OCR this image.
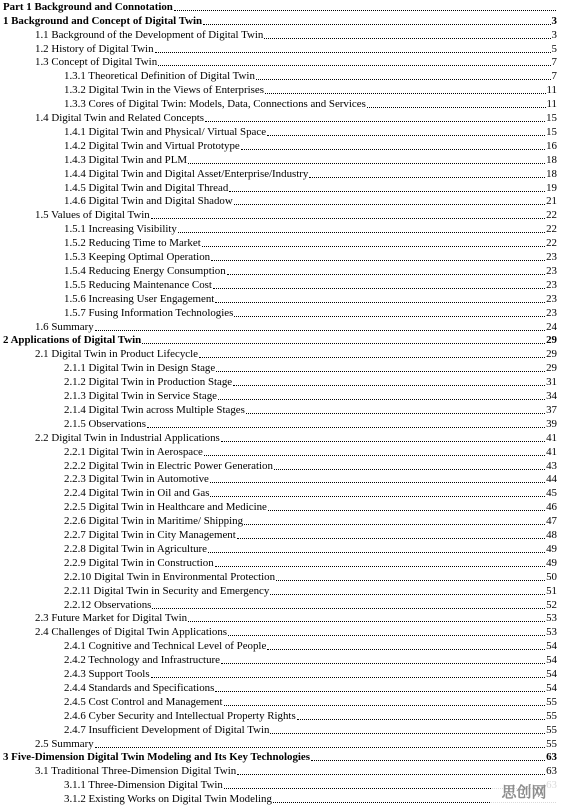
Part 1 Background and Connotation
1 Background and Concept of Digital Twin	3
1.1 Background of the Development of Digital Twin	3
1.2 History of Digital Twin	5
1.3 Concept of Digital Twin	7
1.3.1 Theoretical Definition of Digital Twin	7
1.3.2 Digital Twin in the Views of Enterprises	11
1.3.3 Cores of Digital Twin: Models, Data, Connections and Services	11
1.4 Digital Twin and Related Concepts	15
1.4.1 Digital Twin and Physical/ Virtual Space	15
1.4.2 Digital Twin and Virtual Prototype	16
1.4.3 Digital Twin and PLM	18
1.4.4 Digital Twin and Digital Asset/Enterprise/Industry	18
1.4.5 Digital Twin and Digital Thread	19
1.4.6 Digital Twin and Digital Shadow	21
1.5 Values of Digital Twin	22
1.5.1 Increasing Visibility	22
1.5.2 Reducing Time to Market	22
1.5.3 Keeping Optimal Operation	23
1.5.4 Reducing Energy Consumption	23
1.5.5 Reducing Maintenance Cost	23
1.5.6 Increasing User Engagement	23
1.5.7 Fusing Information Technologies	23
1.6 Summary	24
2 Applications of Digital Twin	29
2.1 Digital Twin in Product Lifecycle	29
2.1.1 Digital Twin in Design Stage	29
2.1.2 Digital Twin in Production Stage	31
2.1.3 Digital Twin in Service Stage	34
2.1.4 Digital Twin across Multiple Stages	37
2.1.5 Observations	39
2.2 Digital Twin in Industrial Applications	41
2.2.1 Digital Twin in Aerospace	41
2.2.2 Digital Twin in Electric Power Generation	43
2.2.3 Digital Twin in Automotive	44
2.2.4 Digital Twin in Oil and Gas	45
2.2.5 Digital Twin in Healthcare and Medicine	46
2.2.6 Digital Twin in Maritime/ Shipping	47
2.2.7 Digital Twin in City Management	48
2.2.8 Digital Twin in Agriculture	49
2.2.9 Digital Twin in Construction	49
2.2.10 Digital Twin in Environmental Protection	50
2.2.11 Digital Twin in Security and Emergency	51
2.2.12 Observations	52
2.3 Future Market for Digital Twin	53
2.4 Challenges of Digital Twin Applications	53
2.4.1 Cognitive and Technical Level of People	54
2.4.2 Technology and Infrastructure	54
2.4.3 Support Tools	54
2.4.4 Standards and Specifications	54
2.4.5 Cost Control and Management	55
2.4.6 Cyber Security and Intellectual Property Rights	55
2.4.7 Insufficient Development of Digital Twin	55
2.5 Summary	55
3 Five-Dimension Digital Twin Modeling and Its Key Technologies	63
3.1 Traditional Three-Dimension Digital Twin	63
3.1.1 Three-Dimension Digital Twin
3.1.2 Existing Works on Digital Twin Modeling	思创网
